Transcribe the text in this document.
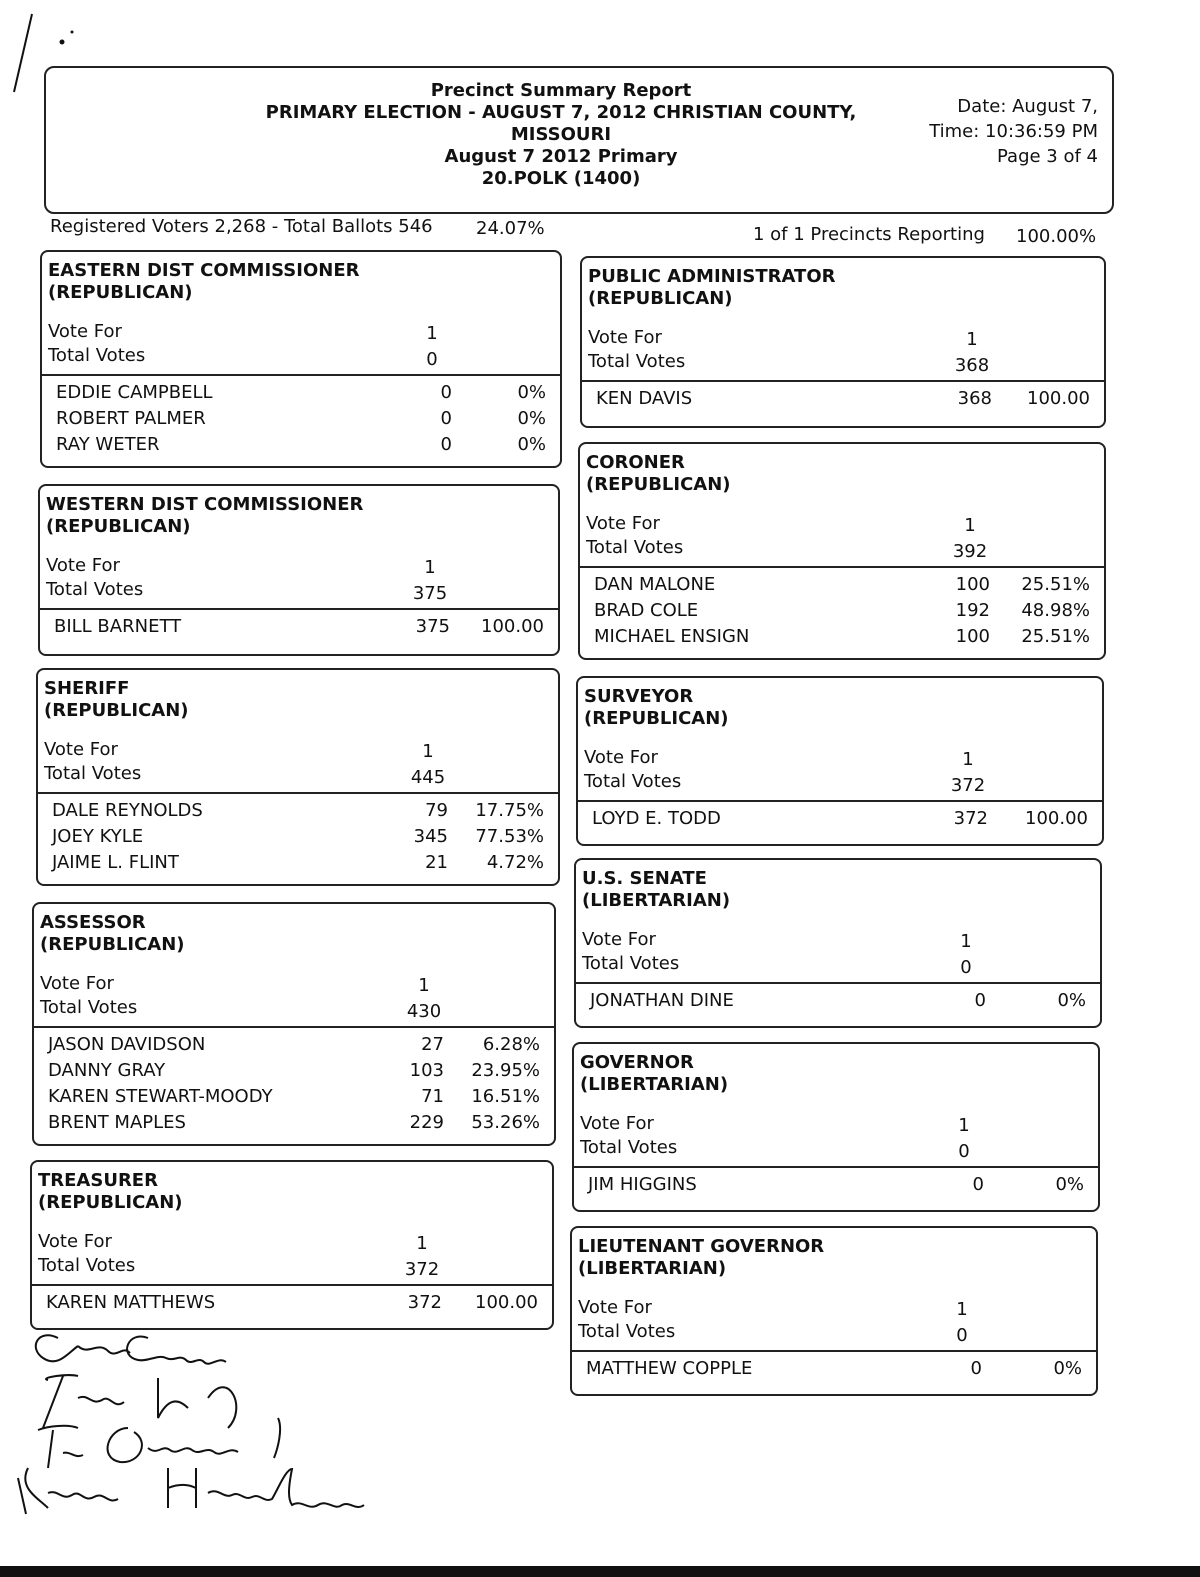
Precinct Summary Report
PRIMARY ELECTION - AUGUST 7, 2012 CHRISTIAN COUNTY,
MISSOURI
August 7 2012 Primary
20.POLK (1400)
Date: August 7,
Time: 10:36:59 PM
Page 3 of 4
Registered Voters 2,268 - Total Ballots 546 24.07%	1 of 1 Precincts Reporting 100.00%
EASTERN DIST COMMISSIONER
(REPUBLICAN)
Vote For	1
Total Votes	0
EDDIE CAMPBELL	0	0%
ROBERT PALMER	0	0%
RAY WETER	0	0%
WESTERN DIST COMMISSIONER
(REPUBLICAN)
Vote For	1
Total Votes	375
BILL BARNETT	375	100.00
SHERIFF
(REPUBLICAN)
Vote For	1
Total Votes	445
DALE REYNOLDS	79	17.75%
JOEY KYLE	345	77.53%
JAIME L. FLINT	21	4.72%
ASSESSOR
(REPUBLICAN)
Vote For	1
Total Votes	430
JASON DAVIDSON	27	6.28%
DANNY GRAY	103	23.95%
KAREN STEWART-MOODY	71	16.51%
BRENT MAPLES	229	53.26%
TREASURER
(REPUBLICAN)
Vote For	1
Total Votes	372
KAREN MATTHEWS	372	100.00
PUBLIC ADMINISTRATOR
(REPUBLICAN)
Vote For	1
Total Votes	368
KEN DAVIS	368	100.00
CORONER
(REPUBLICAN)
Vote For	1
Total Votes	392
DAN MALONE	100	25.51%
BRAD COLE	192	48.98%
MICHAEL ENSIGN	100	25.51%
SURVEYOR
(REPUBLICAN)
Vote For	1
Total Votes	372
LOYD E. TODD	372	100.00
U.S. SENATE
(LIBERTARIAN)
Vote For	1
Total Votes	0
JONATHAN DINE	0	0%
GOVERNOR
(LIBERTARIAN)
Vote For	1
Total Votes	0
JIM HIGGINS	0	0%
LIEUTENANT GOVERNOR
(LIBERTARIAN)
Vote For	1
Total Votes	0
MATTHEW COPPLE	0	0%
